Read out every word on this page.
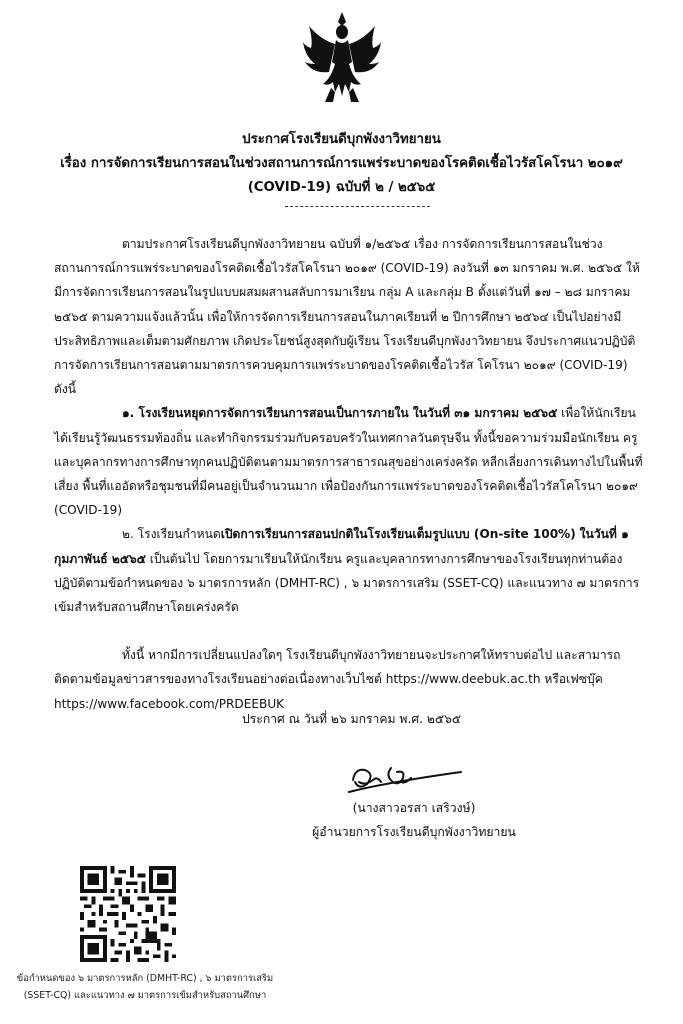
ประกาศโรงเรียนดีบุกพังงาวิทยายน
เรื่อง การจัดการเรียนการสอนในช่วงสถานการณ์การแพร่ระบาดของโรคติดเชื้อไวรัสโคโรนา ๒๐๑๙
(COVID-19) ฉบับที่ ๒ / ๒๕๖๕

ตามประกาศโรงเรียนดีบุกพังงาวิทยายน ฉบับที่ ๑/๒๕๖๕ เรื่อง การจัดการเรียนการสอนในช่วงสถานการณ์การแพร่ระบาดของโรคติดเชื้อไวรัสโคโรนา ๒๐๑๙ (COVID-19) ลงวันที่ ๑๓ มกราคม พ.ศ. ๒๕๖๕ ให้มีการจัดการเรียนการสอนในรูปแบบผสมผสานสลับการมาเรียน กลุ่ม A และกลุ่ม B ตั้งแต่วันที่ ๑๗ – ๒๘ มกราคม ๒๕๖๕ ตามความแจ้งแล้วนั้น เพื่อให้การจัดการเรียนการสอนในภาคเรียนที่ ๒ ปีการศึกษา ๒๕๖๔ เป็นไปอย่างมีประสิทธิภาพและเต็มตามศักยภาพ เกิดประโยชน์สูงสุดกับผู้เรียน โรงเรียนดีบุกพังงาวิทยายน จึงประกาศแนวปฏิบัติการจัดการเรียนการสอนตามมาตรการควบคุมการแพร่ระบาดของโรคติดเชื้อไวรัส โคโรนา ๒๐๑๙ (COVID-19) ดังนี้

๑. โรงเรียนหยุดการจัดการเรียนการสอนเป็นการภายใน ในวันที่ ๓๑ มกราคม ๒๕๖๕ เพื่อให้นักเรียนได้เรียนรู้วัฒนธรรมท้องถิ่น และทำกิจกรรมร่วมกับครอบครัวในเทศกาลวันตรุษจีน ทั้งนี้ขอความร่วมมือนักเรียน ครูและบุคลากรทางการศึกษาทุกคนปฏิบัติตนตามมาตรการสาธารณสุขอย่างเคร่งครัด หลีกเลี่ยงการเดินทางไปในพื้นที่เสี่ยง พื้นที่แออัดหรือชุมชนที่มีคนอยู่เป็นจำนวนมาก เพื่อป้องกันการแพร่ระบาดของโรคติดเชื้อไวรัสโคโรนา ๒๐๑๙ (COVID-19)

๒. โรงเรียนกำหนดเปิดการเรียนการสอนปกติในโรงเรียนเต็มรูปแบบ (On-site 100%) ในวันที่ ๑ กุมภาพันธ์ ๒๕๖๕ เป็นต้นไป โดยการมาเรียนให้นักเรียน ครูและบุคลากรทางการศึกษาของโรงเรียนทุกท่านต้องปฏิบัติตามข้อกำหนดของ ๖ มาตรการหลัก (DMHT-RC) , ๖ มาตรการเสริม (SSET-CQ) และแนวทาง ๗ มาตรการเข้มสำหรับสถานศึกษาโดยเคร่งครัด

ทั้งนี้ หากมีการเปลี่ยนแปลงใดๆ โรงเรียนดีบุกพังงาวิทยายนจะประกาศให้ทราบต่อไป และสามารถติดตามข้อมูลข่าวสารของทางโรงเรียนอย่างต่อเนื่องทางเว็บไซต์ https://www.deebuk.ac.th หรือเฟซบุ๊ค https://www.facebook.com/PRDEEBUK

ประกาศ ณ วันที่ ๒๖ มกราคม พ.ศ. ๒๕๖๕
(นางสาวอรสา เสริวงษ์)
ผู้อำนวยการโรงเรียนดีบุกพังงาวิทยายน
ข้อกำหนดของ ๖ มาตรการหลัก (DMHT-RC) , ๖ มาตรการเสริม
(SSET-CQ) และแนวทาง ๗ มาตรการเข้มสำหรับสถานศึกษา
